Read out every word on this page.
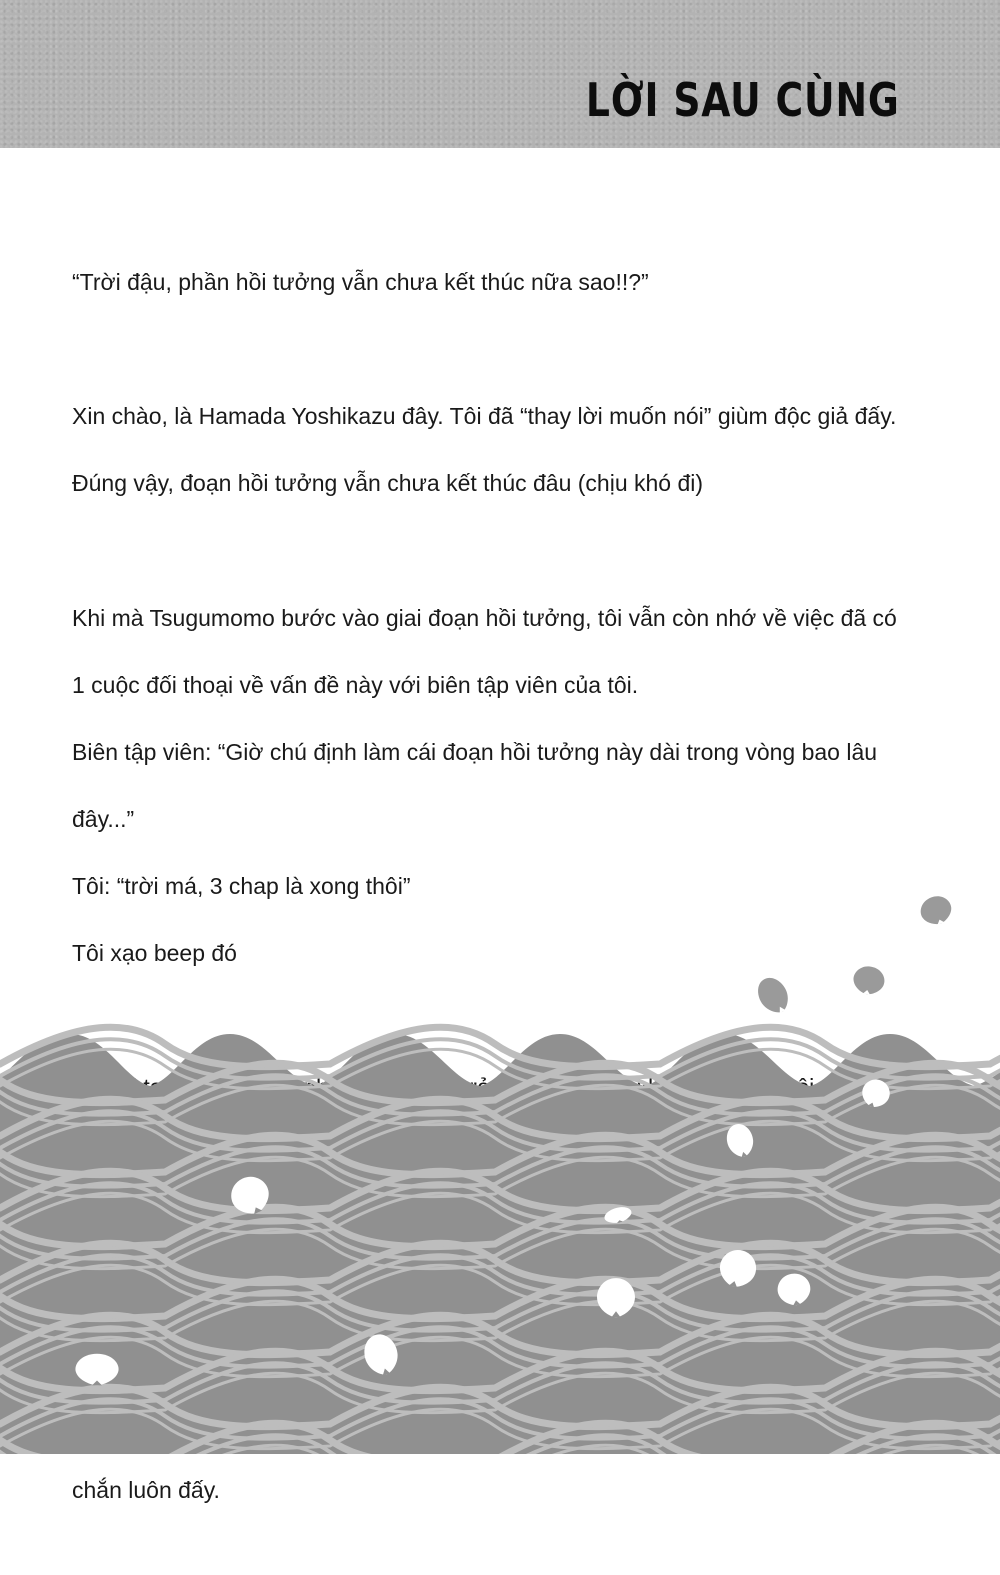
LỜI SAU CÙNG

“Trời đậu, phần hồi tưởng vẫn chưa kết thúc nữa sao!!?”

Xin chào, là Hamada Yoshikazu đây. Tôi đã “thay lời muốn nói” giùm độc giả đấy.

Đúng vậy, đoạn hồi tưởng vẫn chưa kết thúc đâu (chịu khó đi)

Khi mà Tsugumomo bước vào giai đoạn hồi tưởng, tôi vẫn còn nhớ về việc đã có

1 cuộc đối thoại về vấn đề này với biên tập viên của tôi.

Biên tập viên: “Giờ chú định làm cái đoạn hồi tưởng này dài trong vòng bao lâu

đây...”

Tôi: “trời má, 3 chap là xong thôi”

Tôi xạo beep đó

chắn luôn đấy.
